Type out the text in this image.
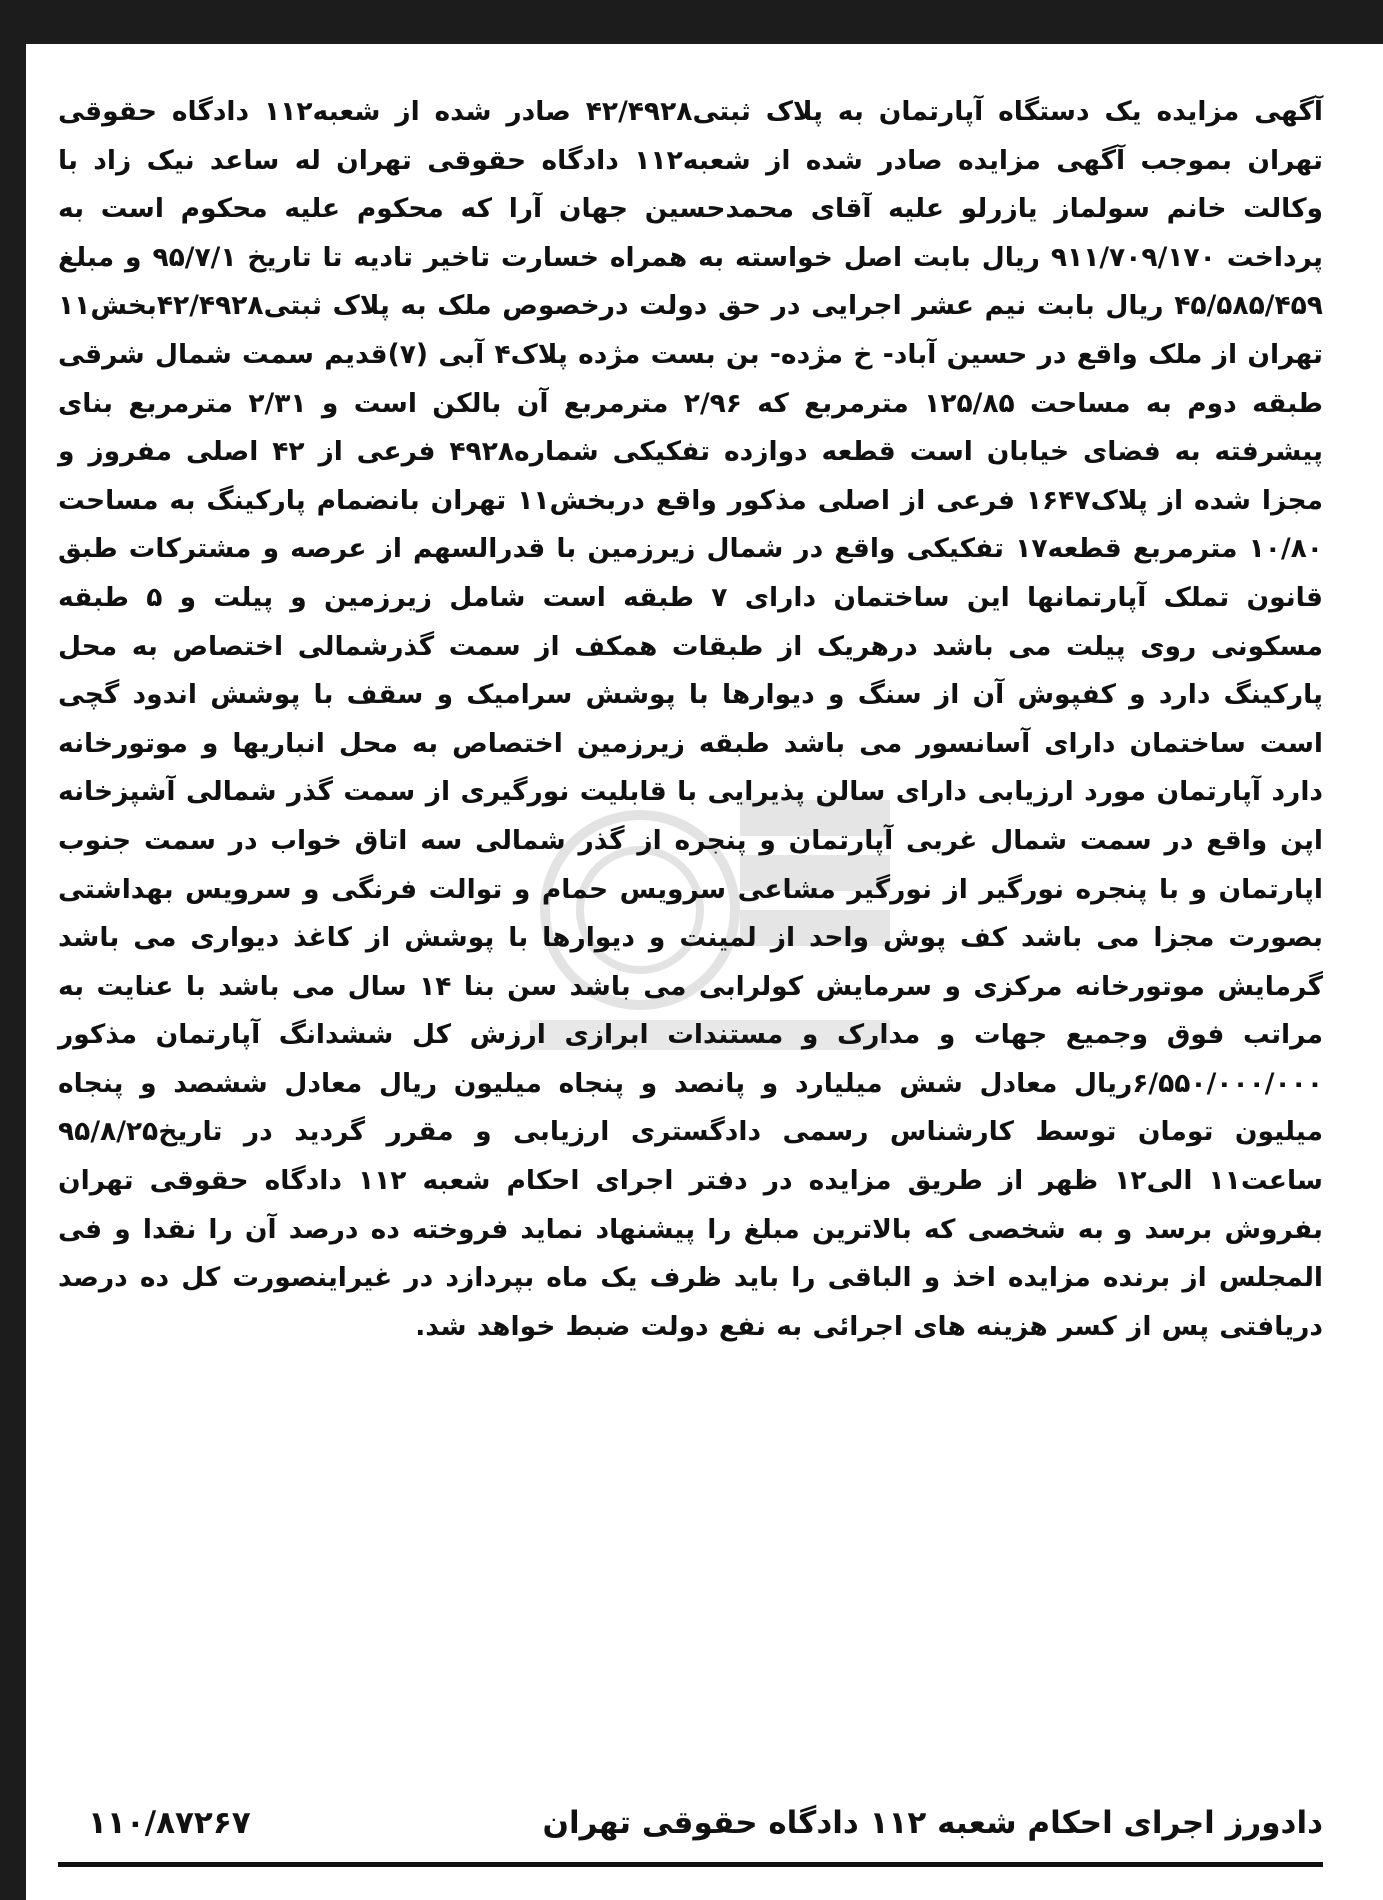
آگهی مزایده یک دستگاه آپارتمان به پلاک ثبتی۴۲/۴۹۲۸ صادر شده از شعبه۱۱۲ دادگاه حقوقی تهران بموجب آگهی مزایده صادر شده از شعبه۱۱۲ دادگاه حقوقی تهران له ساعد نیک زاد با وکالت خانم سولماز یازرلو علیه آقای محمدحسین جهان آرا که محکوم علیه محکوم است به پرداخت ۹۱۱/۷۰۹/۱۷۰ ریال بابت اصل خواسته به همراه خسارت تاخیر تادیه تا تاریخ ۹۵/۷/۱ و مبلغ ۴۵/۵۸۵/۴۵۹ ریال بابت نیم عشر اجرایی در حق دولت درخصوص ملک به پلاک ثبتی۴۲/۴۹۲۸بخش۱۱ تهران از ملک واقع در حسین آباد- خ مژده- بن بست مژده پلاک۴ آبی (۷)قدیم سمت شمال شرقی طبقه دوم به مساحت ۱۲۵/۸۵ مترمربع که ۲/۹۶ مترمربع آن بالکن است و ۲/۳۱ مترمربع بنای پیشرفته به فضای خیابان است قطعه دوازده تفکیکی شماره۴۹۲۸ فرعی از ۴۲ اصلی مفروز و مجزا شده از پلاک۱۶۴۷ فرعی از اصلی مذکور واقع دربخش۱۱ تهران بانضمام پارکینگ به مساحت ۱۰/۸۰ مترمربع قطعه۱۷ تفکیکی واقع در شمال زیرزمین با قدرالسهم از عرصه و مشترکات طبق قانون تملک آپارتمانها این ساختمان دارای ۷ طبقه است شامل زیرزمین و پیلت و ۵ طبقه مسکونی روی پیلت می باشد درهریک از طبقات همکف از سمت گذرشمالی اختصاص به محل پارکینگ دارد و کفپوش آن از سنگ و دیوارها با پوشش سرامیک و سقف با پوشش اندود گچی است ساختمان دارای آسانسور می باشد طبقه زیرزمین اختصاص به محل انباریها و موتورخانه دارد آپارتمان مورد ارزیابی دارای سالن پذیرایی با قابلیت نورگیری از سمت گذر شمالی آشپزخانه اپن واقع در سمت شمال غربی آپارتمان و پنجره از گذر شمالی سه اتاق خواب در سمت جنوب اپارتمان و با پنجره نورگیر از نورگیر مشاعی سرویس حمام و توالت فرنگی و سرویس بهداشتی بصورت مجزا می باشد کف پوش واحد از لمینت و دیوارها با پوشش از کاغذ دیواری می باشد گرمایش موتورخانه مرکزی و سرمایش کولرابی می باشد سن بنا ۱۴ سال می باشد با عنایت به مراتب فوق وجمیع جهات و مدارک و مستندات ابرازی ارزش کل ششدانگ آپارتمان مذکور ۶/۵۵۰/۰۰۰/۰۰۰ریال معادل شش میلیارد و پانصد و پنجاه میلیون ریال معادل ششصد و پنجاه میلیون تومان توسط کارشناس رسمی دادگستری ارزیابی و مقرر گردید در تاریخ۹۵/۸/۲۵ ساعت۱۱ الی۱۲ ظهر از طریق مزایده در دفتر اجرای احکام شعبه ۱۱۲ دادگاه حقوقی تهران بفروش برسد و به شخصی که بالاترین مبلغ را پیشنهاد نماید فروخته ده درصد آن را نقدا و فی المجلس از برنده مزایده اخذ و الباقی را باید ظرف یک ماه بپردازد در غیراینصورت کل ده درصد دریافتی پس از کسر هزینه های اجرائی به نفع دولت ضبط خواهد شد.

دادورز اجرای احکام شعبه ۱۱۲ دادگاه حقوقی تهران
۱۱۰/۸۷۲۶۷
